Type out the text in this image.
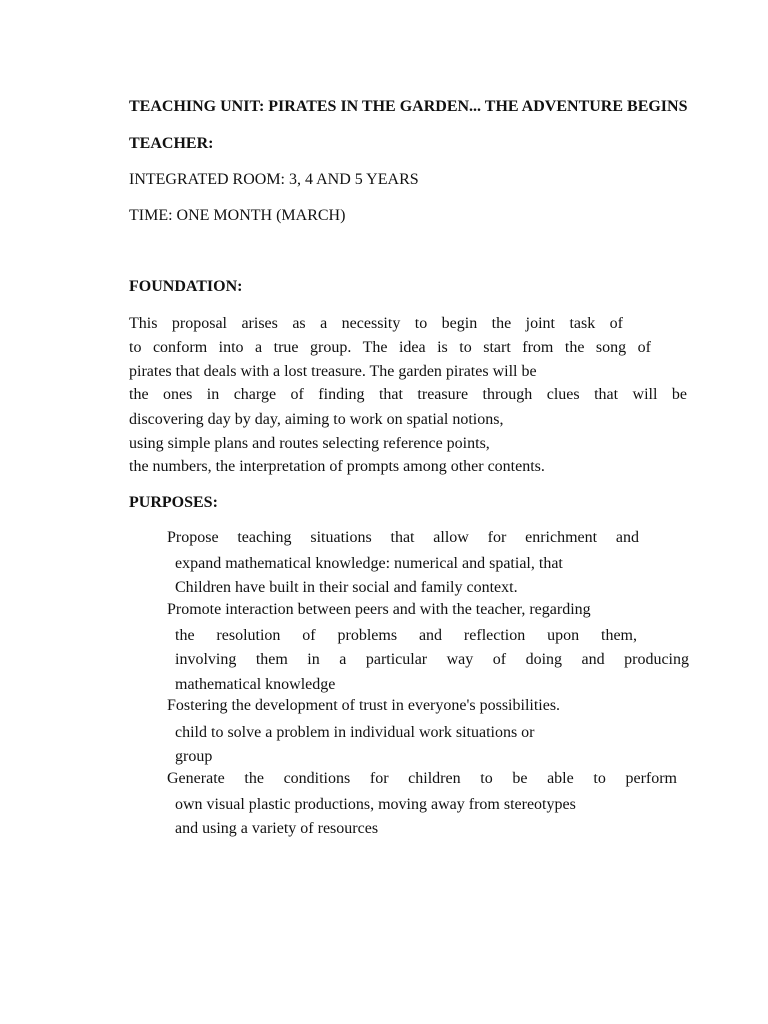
TEACHING UNIT: PIRATES IN THE GARDEN... THE ADVENTURE BEGINS
TEACHER:
INTEGRATED ROOM: 3, 4 AND 5 YEARS
TIME: ONE MONTH (MARCH)
FOUNDATION:
This proposal arises as a necessity to begin the joint task of
to conform into a true group. The idea is to start from the song of
pirates that deals with a lost treasure. The garden pirates will be
the ones in charge of finding that treasure through clues that will be
discovering day by day, aiming to work on spatial notions,
using simple plans and routes selecting reference points,
the numbers, the interpretation of prompts among other contents.
PURPOSES:
Propose teaching situations that allow for enrichment and
expand mathematical knowledge: numerical and spatial, that
Children have built in their social and family context.
Promote interaction between peers and with the teacher, regarding
the resolution of problems and reflection upon them,
involving them in a particular way of doing and producing
mathematical knowledge
Fostering the development of trust in everyone's possibilities.
child to solve a problem in individual work situations or
group
Generate the conditions for children to be able to perform
own visual plastic productions, moving away from stereotypes
and using a variety of resources
